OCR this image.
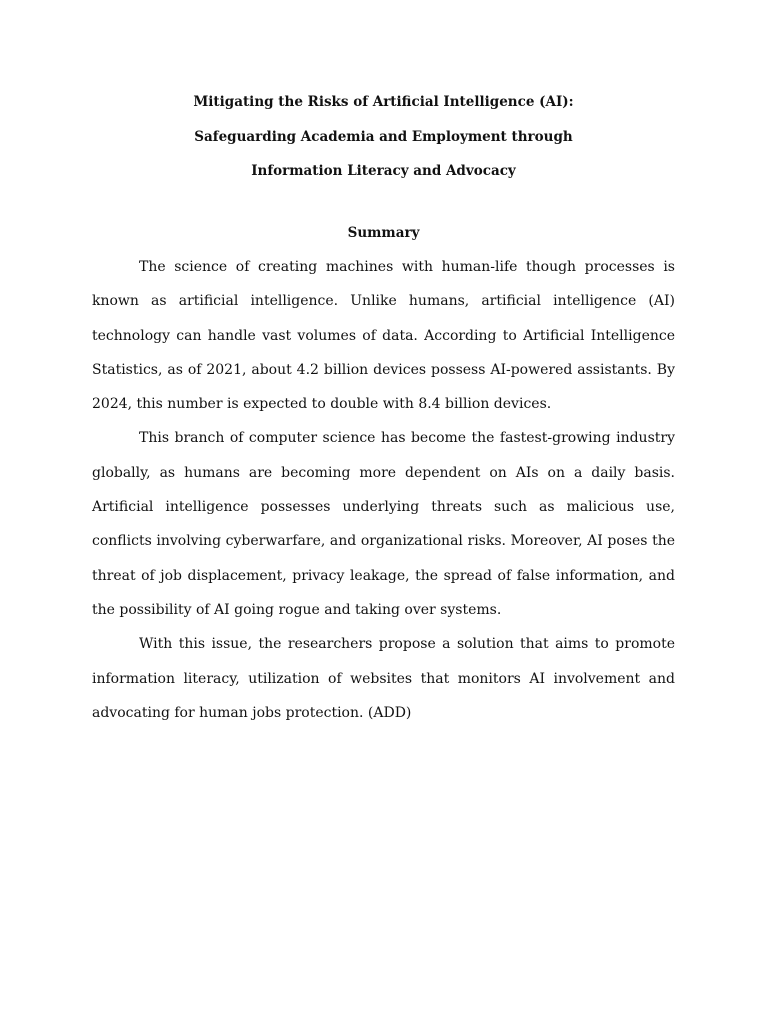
Mitigating the Risks of Artificial Intelligence (AI):
Safeguarding Academia and Employment through
Information Literacy and Advocacy
Summary

The science of creating machines with human-life though processes is known as artificial intelligence. Unlike humans, artificial intelligence (AI) technology can handle vast volumes of data. According to Artificial Intelligence Statistics, as of 2021, about 4.2 billion devices possess AI-powered assistants. By 2024, this number is expected to double with 8.4 billion devices.

This branch of computer science has become the fastest-growing industry globally, as humans are becoming more dependent on AIs on a daily basis. Artificial intelligence possesses underlying threats such as malicious use, conflicts involving cyberwarfare, and organizational risks. Moreover, AI poses the threat of job displacement, privacy leakage, the spread of false information, and the possibility of AI going rogue and taking over systems.

With this issue, the researchers propose a solution that aims to promote information literacy, utilization of websites that monitors AI involvement and advocating for human jobs protection. (ADD)
